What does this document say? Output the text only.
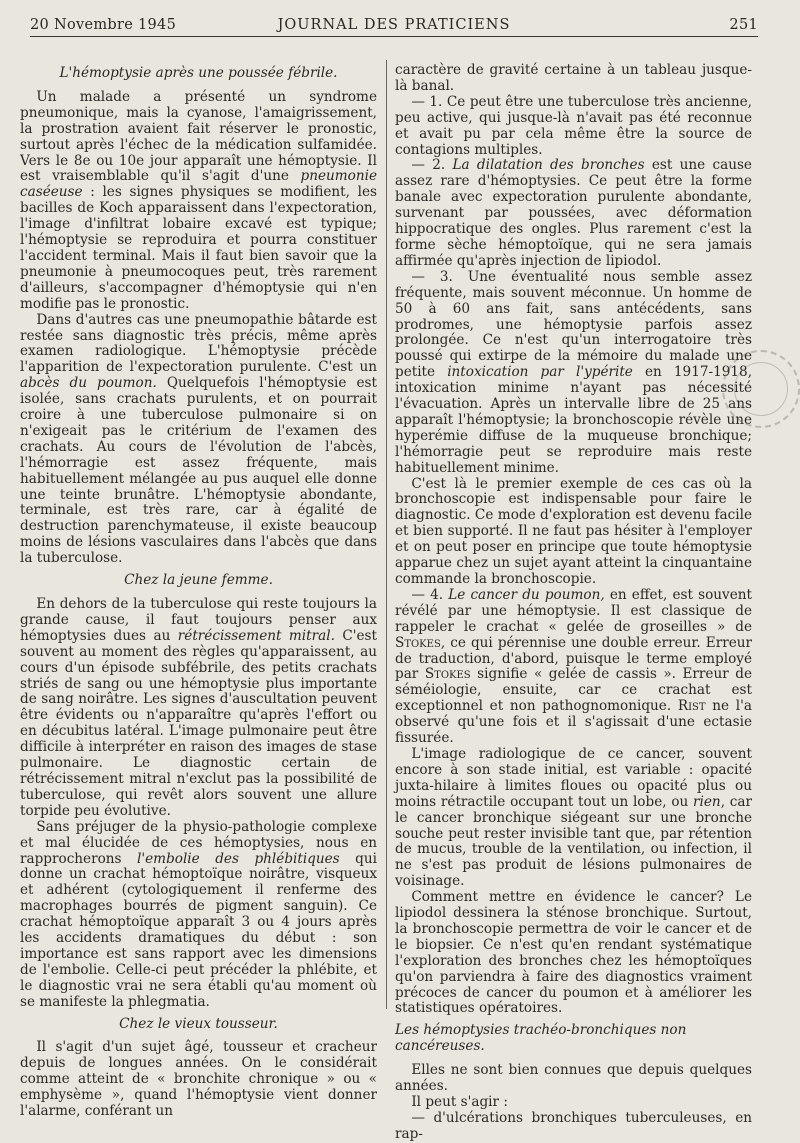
20 Novembre 1945	JOURNAL DES PRATICIENS	251

L'hémoptysie après une poussée fébrile.

Un malade a présenté un syndrome pneumonique, mais la cyanose, l'amaigrissement, la prostration avaient fait réserver le pronostic, surtout après l'échec de la médication sulfamidée. Vers le 8e ou 10e jour apparaît une hémoptysie. Il est vraisemblable qu'il s'agit d'une pneumonie caséeuse : les signes physiques se modifient, les bacilles de Koch apparaissent dans l'expectoration, l'image d'infiltrat lobaire excavé est typique; l'hémoptysie se reproduira et pourra constituer l'accident terminal. Mais il faut bien savoir que la pneumonie à pneumocoques peut, très rarement d'ailleurs, s'accompagner d'hémoptysie qui n'en modifie pas le pronostic.

Dans d'autres cas une pneumopathie bâtarde est restée sans diagnostic très précis, même après examen radiologique. L'hémoptysie précède l'apparition de l'expectoration purulente. C'est un abcès du poumon. Quelquefois l'hémoptysie est isolée, sans crachats purulents, et on pourrait croire à une tuberculose pulmonaire si on n'exigeait pas le critérium de l'examen des crachats. Au cours de l'évolution de l'abcès, l'hémorragie est assez fréquente, mais habituellement mélangée au pus auquel elle donne une teinte brunâtre. L'hémoptysie abondante, terminale, est très rare, car à égalité de destruction parenchymateuse, il existe beaucoup moins de lésions vasculaires dans l'abcès que dans la tuberculose.

Chez la jeune femme.

En dehors de la tuberculose qui reste toujours la grande cause, il faut toujours penser aux hémoptysies dues au rétrécissement mitral. C'est souvent au moment des règles qu'apparaissent, au cours d'un épisode subfébrile, des petits crachats striés de sang ou une hémoptysie plus importante de sang noirâtre. Les signes d'auscultation peuvent être évidents ou n'apparaître qu'après l'effort ou en décubitus latéral. L'image pulmonaire peut être difficile à interpréter en raison des images de stase pulmonaire. Le diagnostic certain de rétrécissement mitral n'exclut pas la possibilité de tuberculose, qui revêt alors souvent une allure torpide peu évolutive.

Sans préjuger de la physio-pathologie complexe et mal élucidée de ces hémoptysies, nous en rapprocherons l'embolie des phlébitiques qui donne un crachat hémoptoïque noirâtre, visqueux et adhérent (cytologiquement il renferme des macrophages bourrés de pigment sanguin). Ce crachat hémoptoïque apparaît 3 ou 4 jours après les accidents dramatiques du début : son importance est sans rapport avec les dimensions de l'embolie. Celle-ci peut précéder la phlébite, et le diagnostic vrai ne sera établi qu'au moment où se manifeste la phlegmatia.

Chez le vieux tousseur.

Il s'agit d'un sujet âgé, tousseur et cracheur depuis de longues années. On le considérait comme atteint de « bronchite chronique » ou « emphysème », quand l'hémoptysie vient donner l'alarme, conférant un

caractère de gravité certaine à un tableau jusque-là banal.

— 1. Ce peut être une tuberculose très ancienne, peu active, qui jusque-là n'avait pas été reconnue et avait pu par cela même être la source de contagions multiples.

— 2. La dilatation des bronches est une cause assez rare d'hémoptysies. Ce peut être la forme banale avec expectoration purulente abondante, survenant par poussées, avec déformation hippocratique des ongles. Plus rarement c'est la forme sèche hémoptoïque, qui ne sera jamais affirmée qu'après injection de lipiodol.

— 3. Une éventualité nous semble assez fréquente, mais souvent méconnue. Un homme de 50 à 60 ans fait, sans antécédents, sans prodromes, une hémoptysie parfois assez prolongée. Ce n'est qu'un interrogatoire très poussé qui extirpe de la mémoire du malade une petite intoxication par l'ypérite en 1917-1918, intoxication minime n'ayant pas nécessité l'évacuation. Après un intervalle libre de 25 ans apparaît l'hémoptysie; la bronchoscopie révèle une hyperémie diffuse de la muqueuse bronchique; l'hémorragie peut se reproduire mais reste habituellement minime.

C'est là le premier exemple de ces cas où la bronchoscopie est indispensable pour faire le diagnostic. Ce mode d'exploration est devenu facile et bien supporté. Il ne faut pas hésiter à l'employer et on peut poser en principe que toute hémoptysie apparue chez un sujet ayant atteint la cinquantaine commande la bronchoscopie.

— 4. Le cancer du poumon, en effet, est souvent révélé par une hémoptysie. Il est classique de rappeler le crachat « gelée de groseilles » de Stokes, ce qui pérennise une double erreur. Erreur de traduction, d'abord, puisque le terme employé par Stokes signifie « gelée de cassis ». Erreur de séméiologie, ensuite, car ce crachat est exceptionnel et non pathognomonique. Rist ne l'a observé qu'une fois et il s'agissait d'une ectasie fissurée.

L'image radiologique de ce cancer, souvent encore à son stade initial, est variable : opacité juxta-hilaire à limites floues ou opacité plus ou moins rétractile occupant tout un lobe, ou rien, car le cancer bronchique siégeant sur une bronche souche peut rester invisible tant que, par rétention de mucus, trouble de la ventilation, ou infection, il ne s'est pas produit de lésions pulmonaires de voisinage.

Comment mettre en évidence le cancer? Le lipiodol dessinera la sténose bronchique. Surtout, la bronchoscopie permettra de voir le cancer et de le biopsier. Ce n'est qu'en rendant systématique l'exploration des bronches chez les hémoptoïques qu'on parviendra à faire des diagnostics vraiment précoces de cancer du poumon et à améliorer les statistiques opératoires.

Les hémoptysies trachéo-bronchiques non cancéreuses.

Elles ne sont bien connues que depuis quelques années.

Il peut s'agir :

— d'ulcérations bronchiques tuberculeuses, en rap-
